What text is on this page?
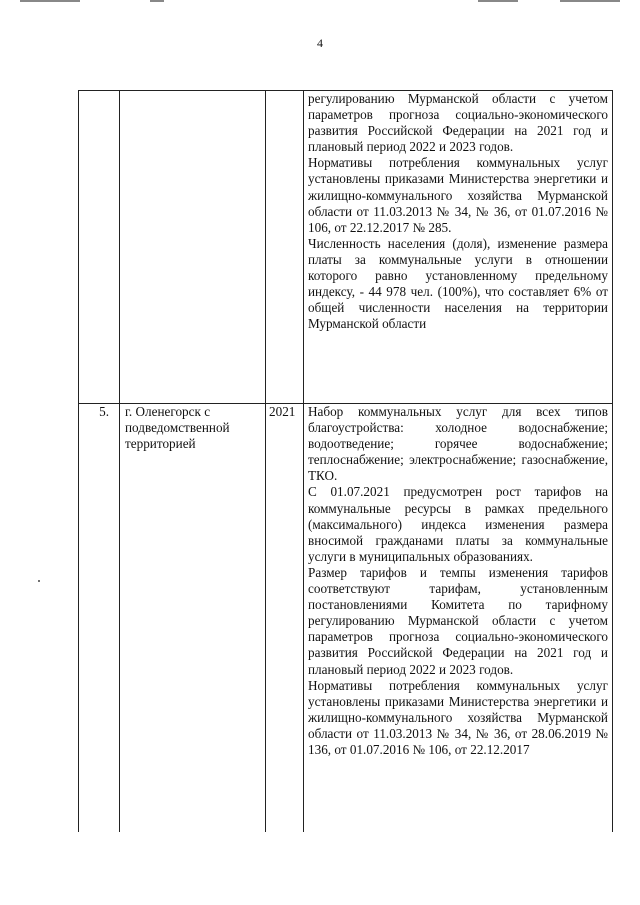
4

			регулированию Мурманской области с учетом параметров прогноза социально-экономического развития Российской Федерации на 2021 год и плановый период 2022 и 2023 годов.

Нормативы потребления коммунальных услуг установлены приказами Министерства энергетики и жилищно-коммунального хозяйства Мурманской области от 11.03.2013 № 34, № 36, от 01.07.2016 № 106, от 22.12.2017 № 285.

Численность населения (доля), изменение размера платы за коммунальные услуги в отношении которого равно установленному предельному индексу, - 44 978 чел. (100%), что составляет 6% от общей численности населения на территории Мурманской области

5.	г. Оленегорск с подведомственной территорией	2021	Набор коммунальных услуг для всех типов благоустройства: холодное водоснабжение; водоотведение; горячее водоснабжение; теплоснабжение; электроснабжение; газоснабжение, ТКО.

С 01.07.2021 предусмотрен рост тарифов на коммунальные ресурсы в рамках предельного (максимального) индекса изменения размера вносимой гражданами платы за коммунальные услуги в муниципальных образованиях.

Размер тарифов и темпы изменения тарифов соответствуют тарифам, установленным постановлениями Комитета по тарифному регулированию Мурманской области с учетом параметров прогноза социально-экономического развития Российской Федерации на 2021 год и плановый период 2022 и 2023 годов.

Нормативы потребления коммунальных услуг установлены приказами Министерства энергетики и жилищно-коммунального хозяйства Мурманской области от 11.03.2013 № 34, № 36, от 28.06.2019 № 136, от 01.07.2016 № 106, от 22.12.2017
